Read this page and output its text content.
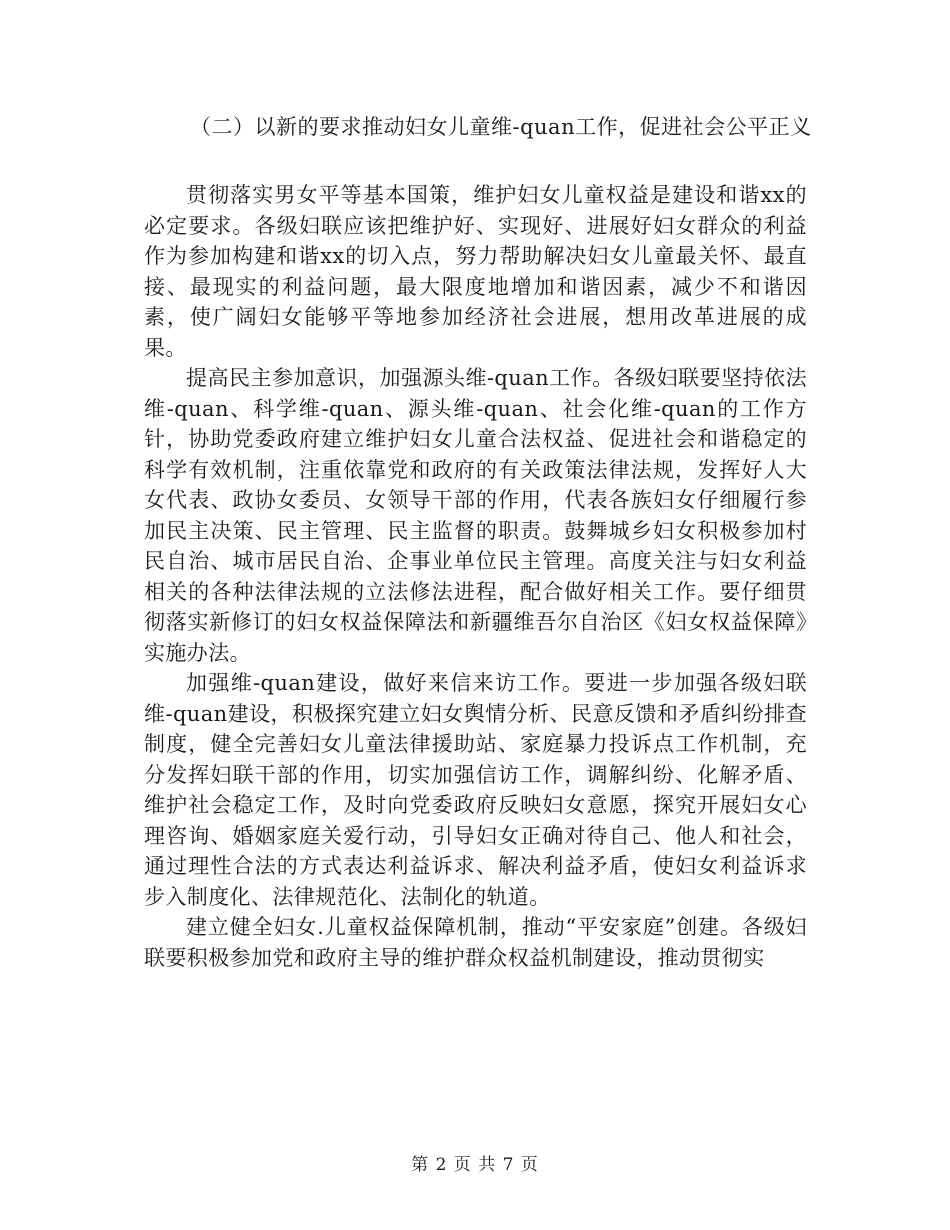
（二）以新的要求推动妇女儿童维-quan工作，促进社会公平正义

贯彻落实男女平等基本国策，维护妇女儿童权益是建设和谐xx的必定要求。各级妇联应该把维护好、实现好、进展好妇女群众的利益作为参加构建和谐xx的切入点，努力帮助解决妇女儿童最关怀、最直接、最现实的利益问题，最大限度地增加和谐因素，减少不和谐因素，使广阔妇女能够平等地参加经济社会进展，想用改革进展的成果。

提高民主参加意识，加强源头维-quan工作。各级妇联要坚持依法维-quan、科学维-quan、源头维-quan、社会化维-quan的工作方针，协助党委政府建立维护妇女儿童合法权益、促进社会和谐稳定的科学有效机制，注重依靠党和政府的有关政策法律法规，发挥好人大女代表、政协女委员、女领导干部的作用，代表各族妇女仔细履行参加民主决策、民主管理、民主监督的职责。鼓舞城乡妇女积极参加村民自治、城市居民自治、企事业单位民主管理。高度关注与妇女利益相关的各种法律法规的立法修法进程，配合做好相关工作。要仔细贯彻落实新修订的妇女权益保障法和新疆维吾尔自治区《妇女权益保障》实施办法。

加强维-quan建设，做好来信来访工作。要进一步加强各级妇联维-quan建设，积极探究建立妇女舆情分析、民意反馈和矛盾纠纷排查制度，健全完善妇女儿童法律援助站、家庭暴力投诉点工作机制，充分发挥妇联干部的作用，切实加强信访工作，调解纠纷、化解矛盾、维护社会稳定工作，及时向党委政府反映妇女意愿，探究开展妇女心理咨询、婚姻家庭关爱行动，引导妇女正确对待自己、他人和社会，通过理性合法的方式表达利益诉求、解决利益矛盾，使妇女利益诉求步入制度化、法律规范化、法制化的轨道。

建立健全妇女.儿童权益保障机制，推动“平安家庭”创建。各级妇联要积极参加党和政府主导的维护群众权益机制建设，推动贯彻实

第 2 页 共 7 页
